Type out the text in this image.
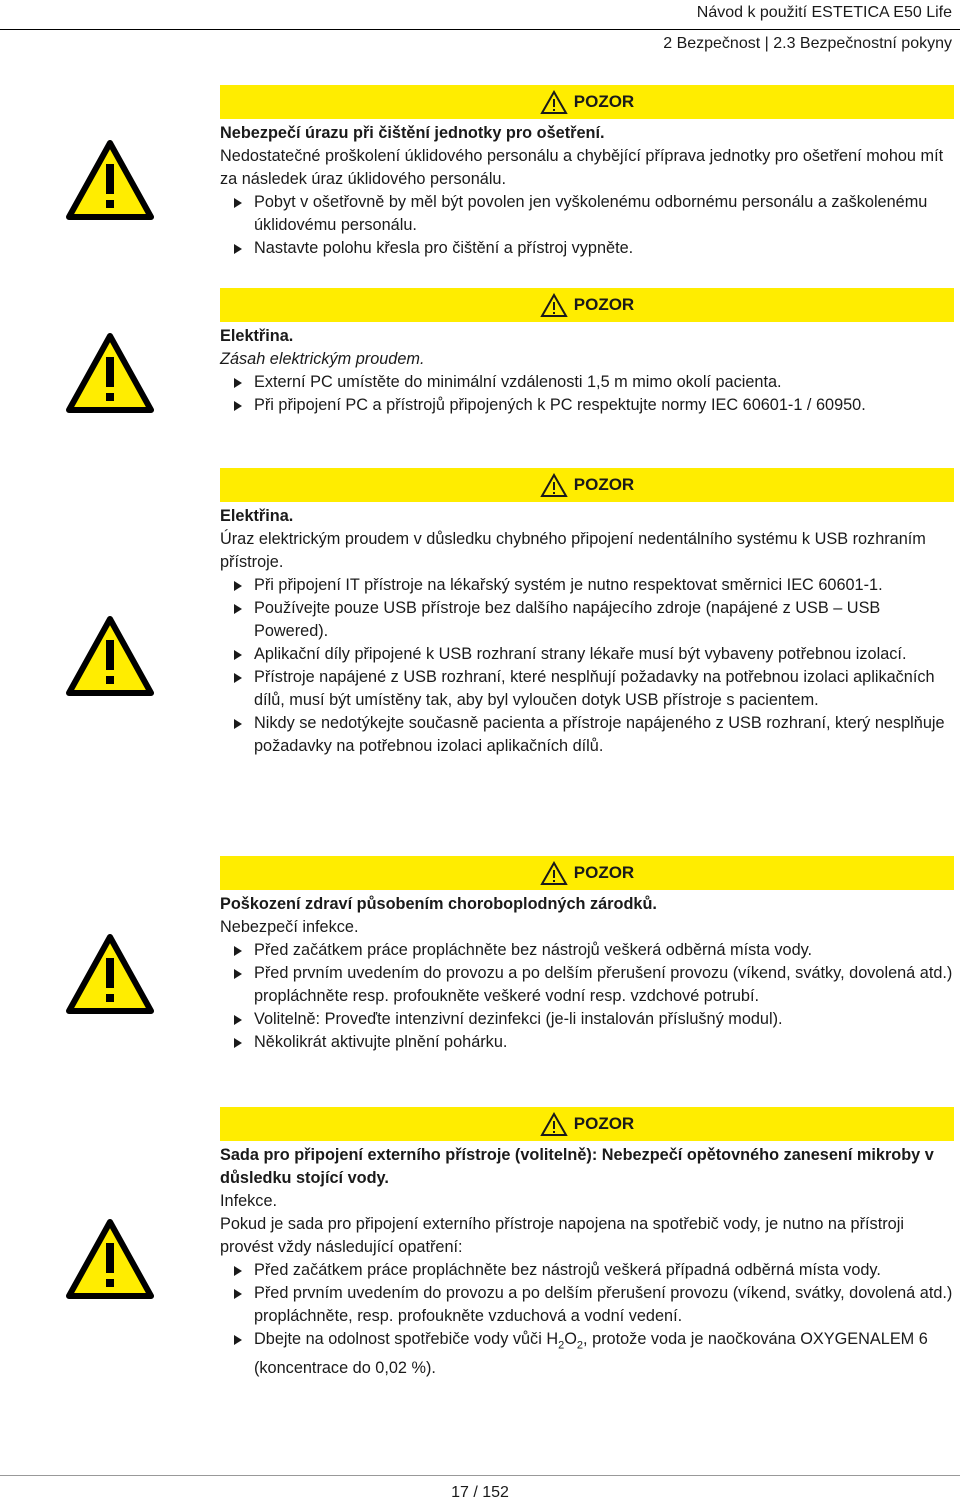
Návod k použití ESTETICA E50 Life
2 Bezpečnost | 2.3 Bezpečnostní pokyny
POZOR
Nebezpečí úrazu při čištění jednotky pro ošetření.
Nedostatečné proškolení úklidového personálu a chybějící příprava jednotky pro ošetření mohou mít za následek úraz úklidového personálu.
Pobyt v ošetřovně by měl být povolen jen vyškolenému odbornému personálu a zaškolenému úklidovému personálu.
Nastavte polohu křesla pro čištění a přístroj vypněte.
POZOR
Elektřina.
Zásah elektrickým proudem.
Externí PC umístěte do minimální vzdálenosti 1,5 m mimo okolí pacienta.
Při připojení PC a přístrojů připojených k PC respektujte normy IEC 60601-1 / 60950.
POZOR
Elektřina.
Úraz elektrickým proudem v důsledku chybného připojení nedentálního systému k USB rozhraním přístroje.
Při připojení IT přístroje na lékařský systém je nutno respektovat směrnici IEC 60601-1.
Používejte pouze USB přístroje bez dalšího napájecího zdroje (napájené z USB – USB Powered).
Aplikační díly připojené k USB rozhraní strany lékaře musí být vybaveny potřebnou izolací.
Přístroje napájené z USB rozhraní, které nesplňují požadavky na potřebnou izolaci aplikačních dílů, musí být umístěny tak, aby byl vyloučen dotyk USB přístroje s pacientem.
Nikdy se nedotýkejte současně pacienta a přístroje napájeného z USB rozhraní, který nesplňuje požadavky na potřebnou izolaci aplikačních dílů.
POZOR
Poškození zdraví působením choroboplodných zárodků.
Nebezpečí infekce.
Před začátkem práce propláchněte bez nástrojů veškerá odběrná místa vody.
Před prvním uvedením do provozu a po delším přerušení provozu (víkend, svátky, dovolená atd.) propláchněte resp. profoukněte veškeré vodní resp. vzdchové potrubí.
Volitelně: Proveďte intenzivní dezinfekci (je-li instalován příslušný modul).
Několikrát aktivujte plnění pohárku.
POZOR
Sada pro připojení externího přístroje (volitelně): Nebezpečí opětovného zanesení mikroby v důsledku stojící vody.
Infekce.
Pokud je sada pro připojení externího přístroje napojena na spotřebič vody, je nutno na přístroji provést vždy následující opatření:
Před začátkem práce propláchněte bez nástrojů veškerá případná odběrná místa vody.
Před prvním uvedením do provozu a po delším přerušení provozu (víkend, svátky, dovolená atd.) propláchněte, resp. profoukněte vzduchová a vodní vedení.
Dbejte na odolnost spotřebiče vody vůči $H_2O_2$, protože voda je naočkována OXYGENALEM 6 (koncentrace do 0,02 %).
17 / 152
